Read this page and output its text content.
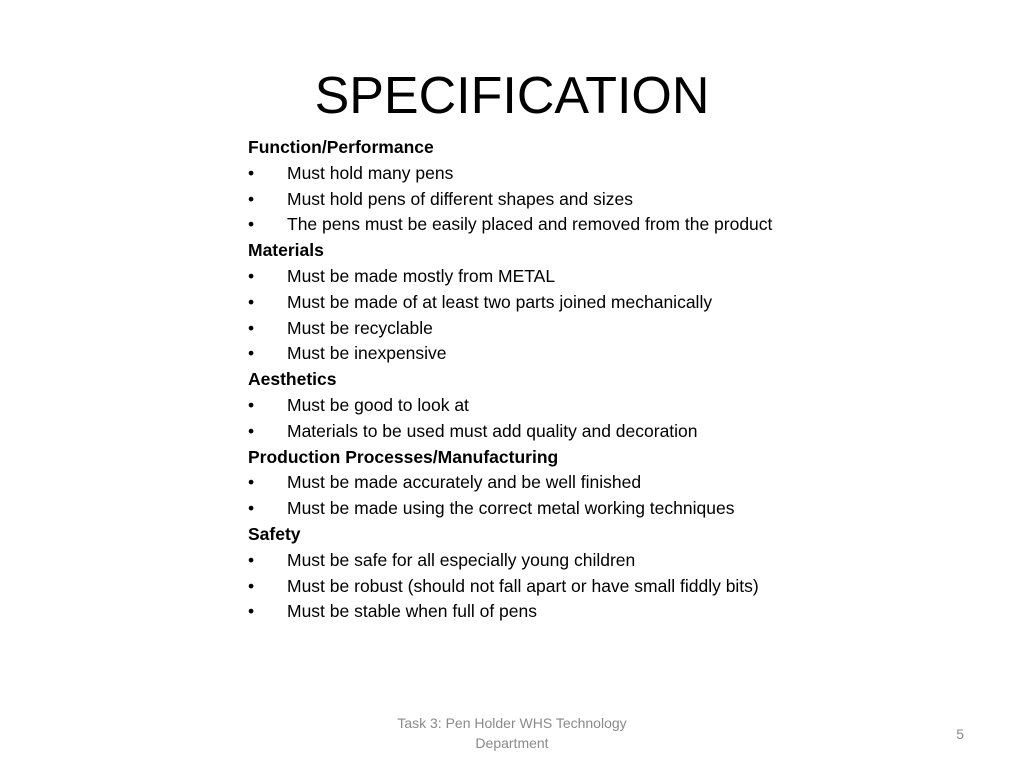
SPECIFICATION
Function/Performance
•	Must hold many pens
•	Must hold pens of different shapes and sizes
•	The pens must be easily placed and removed from the product
Materials
•	Must be made mostly from METAL
•	Must be made of at least two parts joined mechanically
•	Must be recyclable
•	Must be inexpensive
Aesthetics
•	Must be good to look at
•	Materials to be used must add quality and decoration
Production Processes/Manufacturing
•	Must be made accurately and be well finished
•	Must be made using the correct metal working techniques
Safety
•	Must be safe for all especially young children
•	Must be robust (should not fall apart or have small fiddly bits)
•	Must be stable when full of pens
Task 3: Pen Holder WHS Technology
Department
5
